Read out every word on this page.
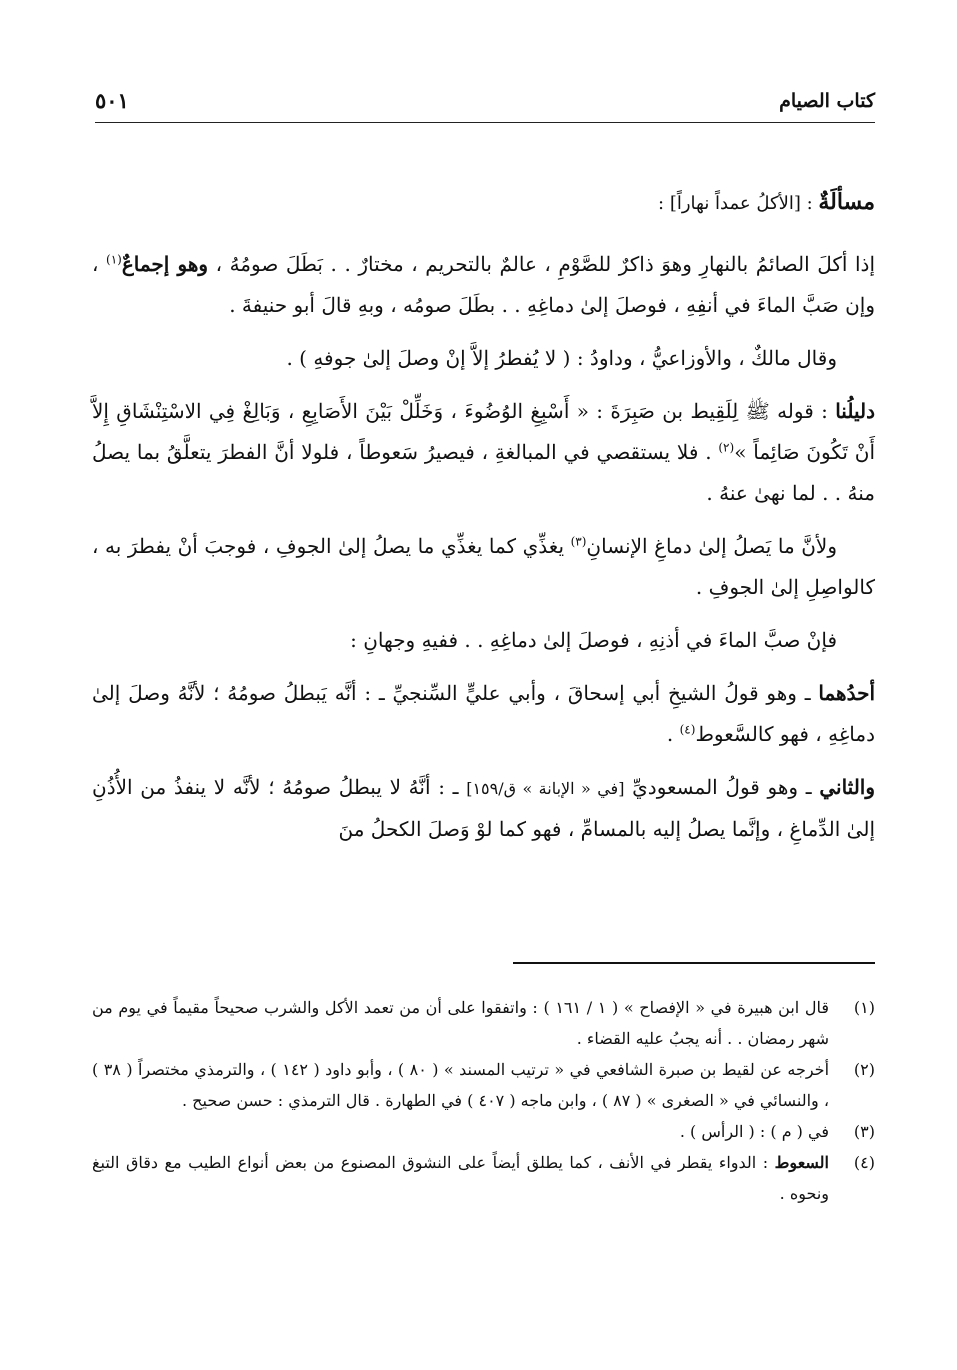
كتاب الصيام
٥٠١

مسألَةٌ : [الأكلُ عمداً نهاراً] :

إذا أكلَ الصائمُ بالنهارِ وهوَ ذاكرٌ للصَّوْمِ ، عالمٌ بالتحريم ، مختارٌ . . بَطَلَ صومُهُ ، وهو إجماعٌ$^{(١)}$ ، وإن صَبَّ الماءَ في أنفِهِ ، فوصلَ إلىٰ دماغِهِ . . بطَلَ صومُه ، وبهِ قالَ أبو حنيفةَ .

وقال مالكٌ ، والأوزاعيُّ ، وداودُ : ( لا يُفطرُ إلاَّ إنْ وصلَ إلىٰ جوفهِ ) .

دليلُنا : قوله ﷺ لِلَقِيط بن صَبِرَةَ : « أَسْبِغِ الوُضُوءَ ، وَخَلِّلْ بَيْنَ الأَصَابِعِ ، وَبَالِغْ فِي الاسْتِنْشَاقِ إِلاَّ أَنْ تَكُونَ صَائِماً »$^{(٢)}$ . فلا يستقصي في المبالغةِ ، فيصيرُ سَعوطاً ، فلولا أنَّ الفطرَ يتعلَّقُ بما يصلُ منهُ . . لما نهىٰ عنهُ .

ولأنَّ ما يَصلُ إلىٰ دماغِ الإنسانِ$^{(٣)}$ يغذِّي كما يغذِّي ما يصلُ إلىٰ الجوفِ ، فوجبَ أنْ يفطرَ به ، كالواصِلِ إلىٰ الجوفِ .

فإنْ صبَّ الماءَ في أذنِهِ ، فوصلَ إلىٰ دماغِهِ . . ففيهِ وجهانِ :

أحدُهما ـ وهو قولُ الشيخِ أبي إسحاقَ ، وأبي عليٍّ السِّنجيِّ ـ : أنَّه يَبطلُ صومُهُ ؛ لأنَّهُ وصلَ إلىٰ دماغِهِ ، فهو كالسَّعوط$^{(٤)}$ .

والثاني ـ وهو قولُ المسعوديِّ [في « الإبانة » ق/١٥٩] ـ : أنَّهُ لا يبطلُ صومُهُ ؛ لأنَّه لا ينفذُ من الأُذُنِ إلىٰ الدِّماغِ ، وإنَّما يصلُ إليه بالمسامِّ ، فهو كما لوْ وَصلَ الكحلُ منَ

(١)
قال ابن هبيرة في « الإفصاح » ( ١ / ١٦١ ) : واتفقوا على أن من تعمد الأكل والشرب صحيحاً مقيماً في يوم من شهر رمضان . . أنه يجبُ عليه القضاء .
(٢)
أخرجه عن لقيط بن صبرة الشافعي في « ترتيب المسند » ( ٨٠ ) ، وأبو داود ( ١٤٢ ) ، والترمذي مختصراً ( ٣٨ ) ، والنسائي في « الصغرى » ( ٨٧ ) ، وابن ماجه ( ٤٠٧ ) في الطهارة . قال الترمذي : حسن صحيح .
(٣)
في ( م ) : ( الرأس ) .
(٤)
السعوط : الدواء يقطر في الأنف ، كما يطلق أيضاً على النشوق المصنوع من بعض أنواع الطيب مع دقاق التبغ ونحوه .
